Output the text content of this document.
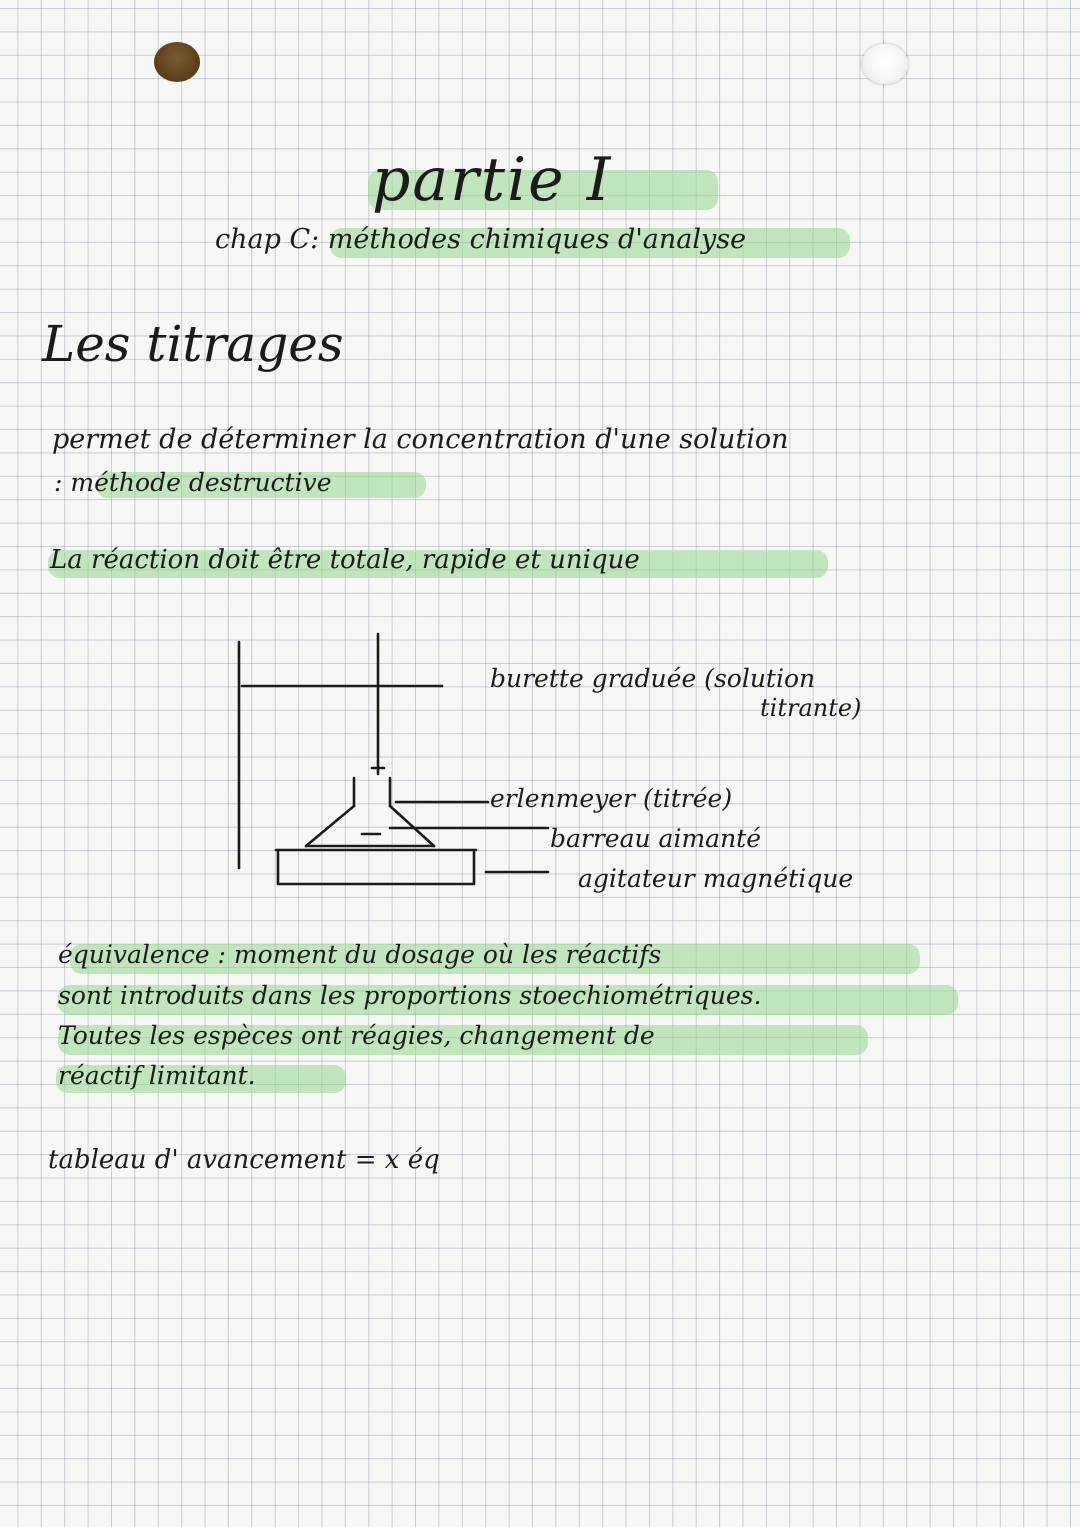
partie I
chap C: méthodes chimiques d'analyse
Les titrages
permet de déterminer la concentration d'une solution
: méthode destructive
La réaction doit être totale, rapide et unique
burette graduée (solution
titrante)
erlenmeyer (titrée)
barreau aimanté
agitateur magnétique
équivalence : moment du dosage où les réactifs
sont introduits dans les proportions stoechiométriques.
Toutes les espèces ont réagies, changement de
réactif limitant.
tableau d' avancement = x éq
